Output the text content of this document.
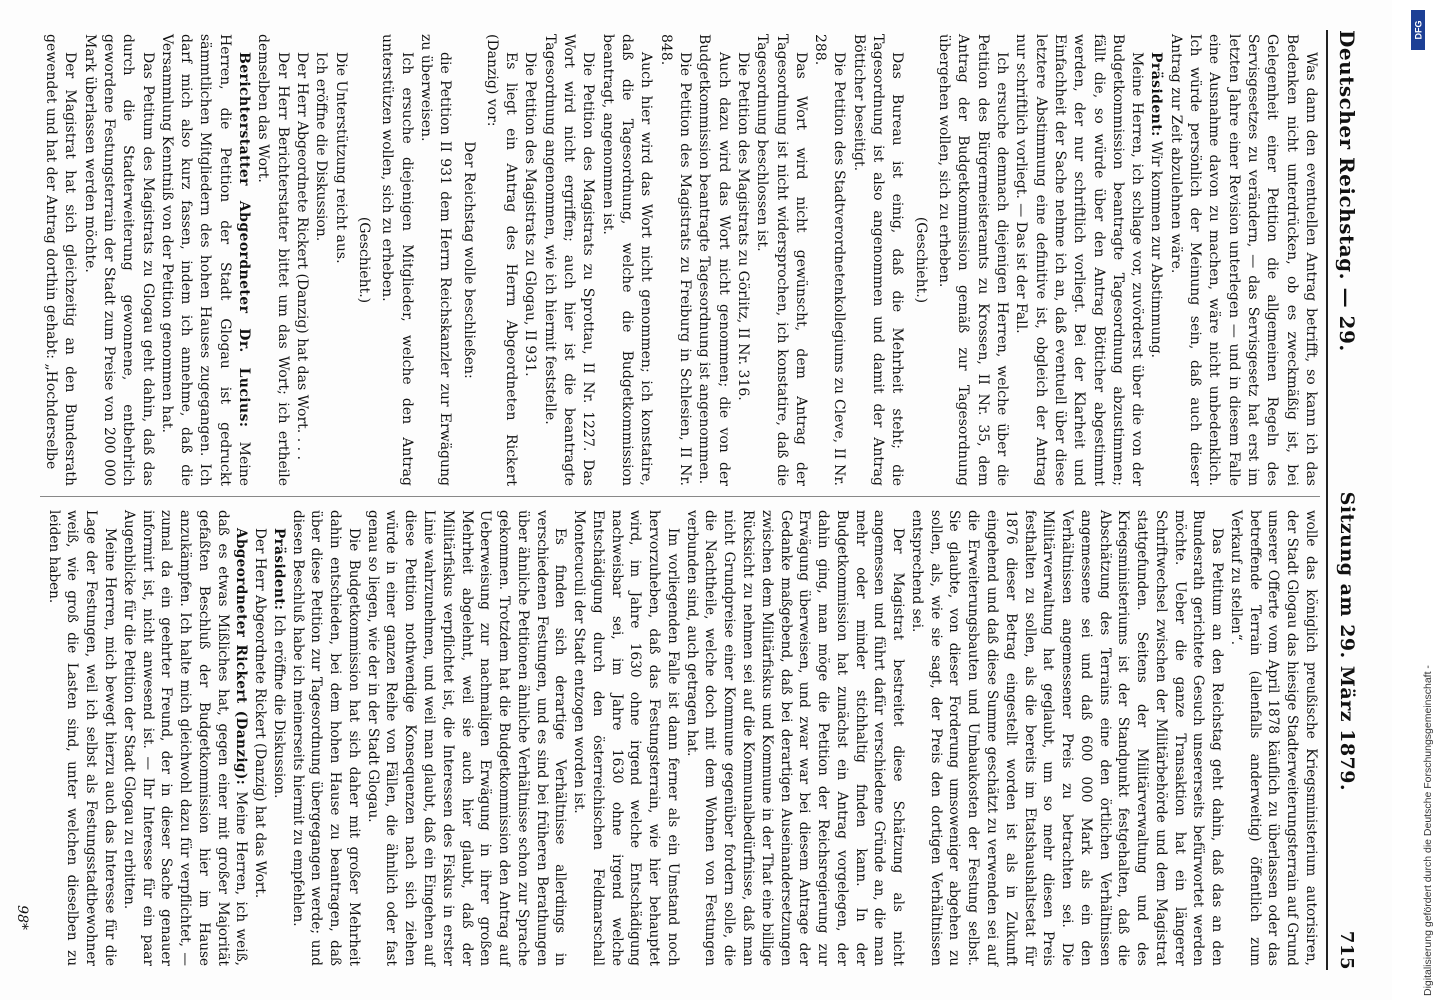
Deutscher Reichstag. — 29.
Sitzung am 29. März 1879.
715

Was dann den eventuellen Antrag betrifft, so kann ich das Bedenken nicht unterdrücken, ob es zweckmäßig ist, bei Gelegenheit einer Petition die allgemeinen Regeln des Servisgesetzes zu verändern, — das Servisgesetz hat erst im letzten Jahre einer Revision unterlegen — und in diesem Falle eine Ausnahme davon zu machen, wäre nicht unbedenklich. Ich würde persönlich der Meinung sein, daß auch dieser Antrag zur Zeit abzulehnen wäre.

Präsident: Wir kommen zur Abstimmung.

Meine Herren, ich schlage vor, zuvörderst über die von der Budgetkommission beantragte Tagesordnung abzustimmen; fällt die, so würde über den Antrag Bötticher abgestimmt werden, der nur schriftlich vorliegt. Bei der Klarheit und Einfachheit der Sache nehme ich an, daß eventuell über diese letztere Abstimmung eine definitive ist, obgleich der Antrag nur schriftlich vorliegt. — Das ist der Fall.

Ich ersuche demnach diejenigen Herren, welche über die Petition des Bürgermeisteramts zu Krossen, II Nr. 35, dem Antrag der Budgetkommission gemäß zur Tagesordnung übergehen wollen, sich zu erheben.

(Geschieht.)

Das Bureau ist einig, daß die Mehrheit steht; die Tagesordnung ist also angenommen und damit der Antrag Bötticher beseitigt.

Die Petition des Stadtverordnetenkollegiums zu Cleve, II Nr. 288.

Das Wort wird nicht gewünscht, dem Antrag der Tagesordnung ist nicht widersprochen, ich konstatire, daß die Tagesordnung beschlossen ist.

Die Petition des Magistrats zu Görlitz, II Nr. 316.

Auch dazu wird das Wort nicht genommen; die von der Budgetkommission beantragte Tagesordnung ist angenommen.

Die Petition des Magistrats zu Freiburg in Schlesien, II Nr. 848.

Auch hier wird das Wort nicht genommen; ich konstatire, daß die Tagesordnung, welche die Budgetkommission beantragt, angenommen ist.

Die Petition des Magistrats zu Sprottau, II Nr. 1227. Das Wort wird nicht ergriffen; auch hier ist die beantragte Tagesordnung angenommen, wie ich hiermit feststelle.

Die Petition des Magistrats zu Glogau, II 931.

Es liegt ein Antrag des Herrn Abgeordneten Rickert (Danzig) vor:

Der Reichstag wolle beschließen:

die Petition II 931 dem Herrn Reichskanzler zur Erwägung zu überweisen.

Ich ersuche diejenigen Mitglieder, welche den Antrag unterstützen wollen, sich zu erheben.

(Geschieht.)

Die Unterstützung reicht aus.

Ich eröffne die Diskussion.

Der Herr Abgeordnete Rickert (Danzig) hat das Wort. . . .

Der Herr Berichterstatter bittet um das Wort; ich ertheile demselben das Wort.

Berichterstatter Abgeordneter Dr. Lucius: Meine Herren, die Petition der Stadt Glogau ist gedruckt sämmtlichen Mitgliedern des hohen Hauses zugegangen. Ich darf mich also kurz fassen, indem ich annehme, daß die Versammlung Kenntniß von der Petition genommen hat.

Das Petitum des Magistrats zu Glogau geht dahin, daß das durch die Stadterweiterung gewonnene, entbehrlich gewordene Festungsterrain der Stadt zum Preise von 200 000 Mark überlassen werden möchte.

Der Magistrat hat sich gleichzeitig an den Bundesrath gewendet und hat der Antrag dorthin gehabt: „Hochderselbe

wolle das königlich preußische Kriegsministerium autorisiren, der Stadt Glogau das hiesige Stadterweiterungsterrain auf Grund unserer Offerte vom April 1878 käuflich zu überlassen oder das betreffende Terrain (allenfalls anderweitig) öffentlich zum Verkauf zu stellen“.

Das Petitum an den Reichstag geht dahin, daß das an den Bundesrath gerichtete Gesuch unsererseits befürwortet werden möchte. Ueber die ganze Transaktion hat ein längerer Schriftwechsel zwischen der Militärbehörde und dem Magistrat stattgefunden. Seitens der Militärverwaltung und des Kriegsministeriums ist der Standpunkt festgehalten, daß die Abschätzung des Terrains eine den örtlichen Verhältnissen angemessene sei und daß 600 000 Mark als ein den Verhältnissen angemessener Preis zu betrachten sei. Die Militärverwaltung hat geglaubt, um so mehr diesen Preis festhalten zu sollen, als die bereits im Etatshaushaltsetat für 1876 dieser Betrag eingestellt worden ist als in Zukunft eingehend und daß diese Summe geschätzt zu verwenden sei auf die Erweiterungsbauten und Umbaukosten der Festung selbst. Sie glaubte, von dieser Forderung umsoweniger abgehen zu sollen, als, wie sie sagt, der Preis den dortigen Verhältnissen entsprechend sei.

Der Magistrat bestreitet diese Schätzung als nicht angemessen und führt dafür verschiedene Gründe an, die man mehr oder minder stichhaltig finden kann. In der Budgetkommission hat zunächst ein Antrag vorgelegen, der dahin ging, man möge die Petition der Reichsregierung zur Erwägung überweisen, und zwar war bei diesem Antrage der Gedanke maßgebend, daß bei derartigen Auseinandersetzungen zwischen dem Militärfiskus und Kommune in der That eine billige Rücksicht zu nehmen sei auf die Kommunalbedürfnisse, daß man nicht Grundpreise einer Kommune gegenüber fordern solle, die die Nachtheile, welche doch mit dem Wohnen von Festungen verbunden sind, auch getragen hat.

Im vorliegenden Falle ist dann ferner als ein Umstand noch hervorzuheben, daß das Festungsterrain, wie hier behauptet wird, im Jahre 1630 ohne irgend welche Entschädigung nachweisbar sei, im Jahre 1630 ohne irgend welche Entschädigung durch den österreichischen Feldmarschall Montecuculi der Stadt entzogen worden ist.

Es finden sich derartige Verhältnisse allerdings in verschiedenen Festungen, und es sind bei früheren Berathungen über ähnliche Petitionen ähnliche Verhältnisse schon zur Sprache gekommen. Trotzdem hat die Budgetkommission den Antrag auf Ueberweisung zur nachmaligen Erwägung in ihrer großen Mehrheit abgelehnt, weil sie auch hier glaubt, daß der Militärfiskus verpflichtet ist, die Interessen des Fiskus in erster Linie wahrzunehmen, und weil man glaubt, daß ein Eingehen auf diese Petition nothwendige Konsequenzen nach sich ziehen würde in einer ganzen Reihe von Fällen, die ähnlich oder fast genau so liegen, wie der in der Stadt Glogau.

Die Budgetkommission hat sich daher mit großer Mehrheit dahin entschieden, bei dem hohen Hause zu beantragen, daß über diese Petition zur Tagesordnung übergegangen werde; und diesen Beschluß habe ich meinerseits hiermit zu empfehlen.

Präsident: Ich eröffne die Diskussion.

Der Herr Abgeordnete Rickert (Danzig) hat das Wort.

Abgeordneter Rickert (Danzig): Meine Herren, ich weiß, daß es etwas Mißliches hat, gegen einer mit großer Majorität gefaßten Beschluß der Budgetkommission hier im Hause anzukämpfen. Ich halte mich gleichwohl dazu für verpflichtet, — zumal da ein geehrter Freund, der in dieser Sache genauer informirt ist, nicht anwesend ist. — Ihr Interesse für ein paar Augenblicke für die Petition der Stadt Glogau zu erbitten.

Meine Herren, mich bewegt hierzu auch das Interesse für die Lage der Festungen, weil ich selbst als Festungsstadtbewohner weiß, wie groß die Lasten sind, unter welchen dieselben zu leiden haben.

98*
DFG
Digitalisierung gefördert durch die Deutsche Forschungsgemeinschaft -
